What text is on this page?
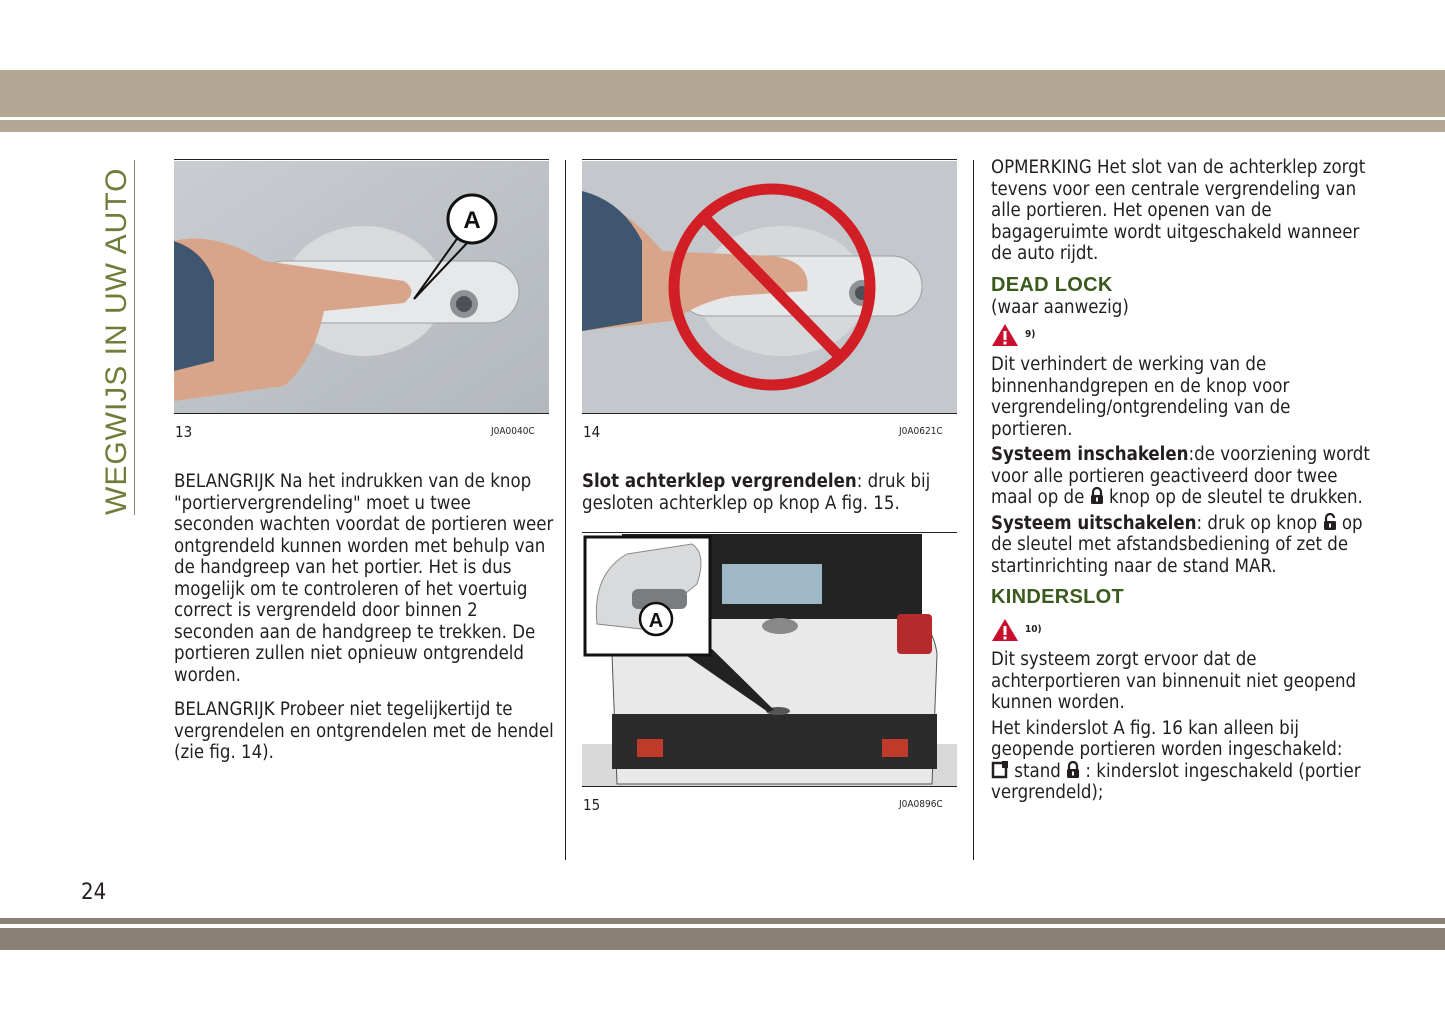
WEGWIJS IN UW AUTO	A
13	J0A0040C	14	J0A0621C
A
15	J0A0896C

BELANGRIJK Na het indrukken van de knop "portiervergrendeling" moet u twee seconden wachten voordat de portieren weer ontgrendeld kunnen worden met behulp van de handgreep van het portier. Het is dus mogelijk om te controleren of het voertuig correct is vergrendeld door binnen 2 seconden aan de handgreep te trekken. De portieren zullen niet opnieuw ontgrendeld worden.

BELANGRIJK Probeer niet tegelijkertijd te vergrendelen en ontgrendelen met de hendel (zie fig. 14).

Slot achterklep vergrendelen: druk bij gesloten achterklep op knop A fig. 15.

OPMERKING Het slot van de achterklep zorgt tevens voor een centrale vergrendeling van alle portieren. Het openen van de bagageruimte wordt uitgeschakeld wanneer de auto rijdt.

DEAD LOCK
(waar aanwezig)
9)

Dit verhindert de werking van de binnenhandgrepen en de knop voor vergrendeling/ontgrendeling van de portieren.

Systeem inschakelen:de voorziening wordt voor alle portieren geactiveerd door twee maal op de knop op de sleutel te drukken.

Systeem uitschakelen: druk op knop op de sleutel met afstandsbediening of zet de startinrichting naar de stand MAR.

KINDERSLOT
10)

Dit systeem zorgt ervoor dat de achterportieren van binnenuit niet geopend kunnen worden.

Het kinderslot A fig. 16 kan alleen bij geopende portieren worden ingeschakeld:

stand : kinderslot ingeschakeld (portier vergrendeld);

24
